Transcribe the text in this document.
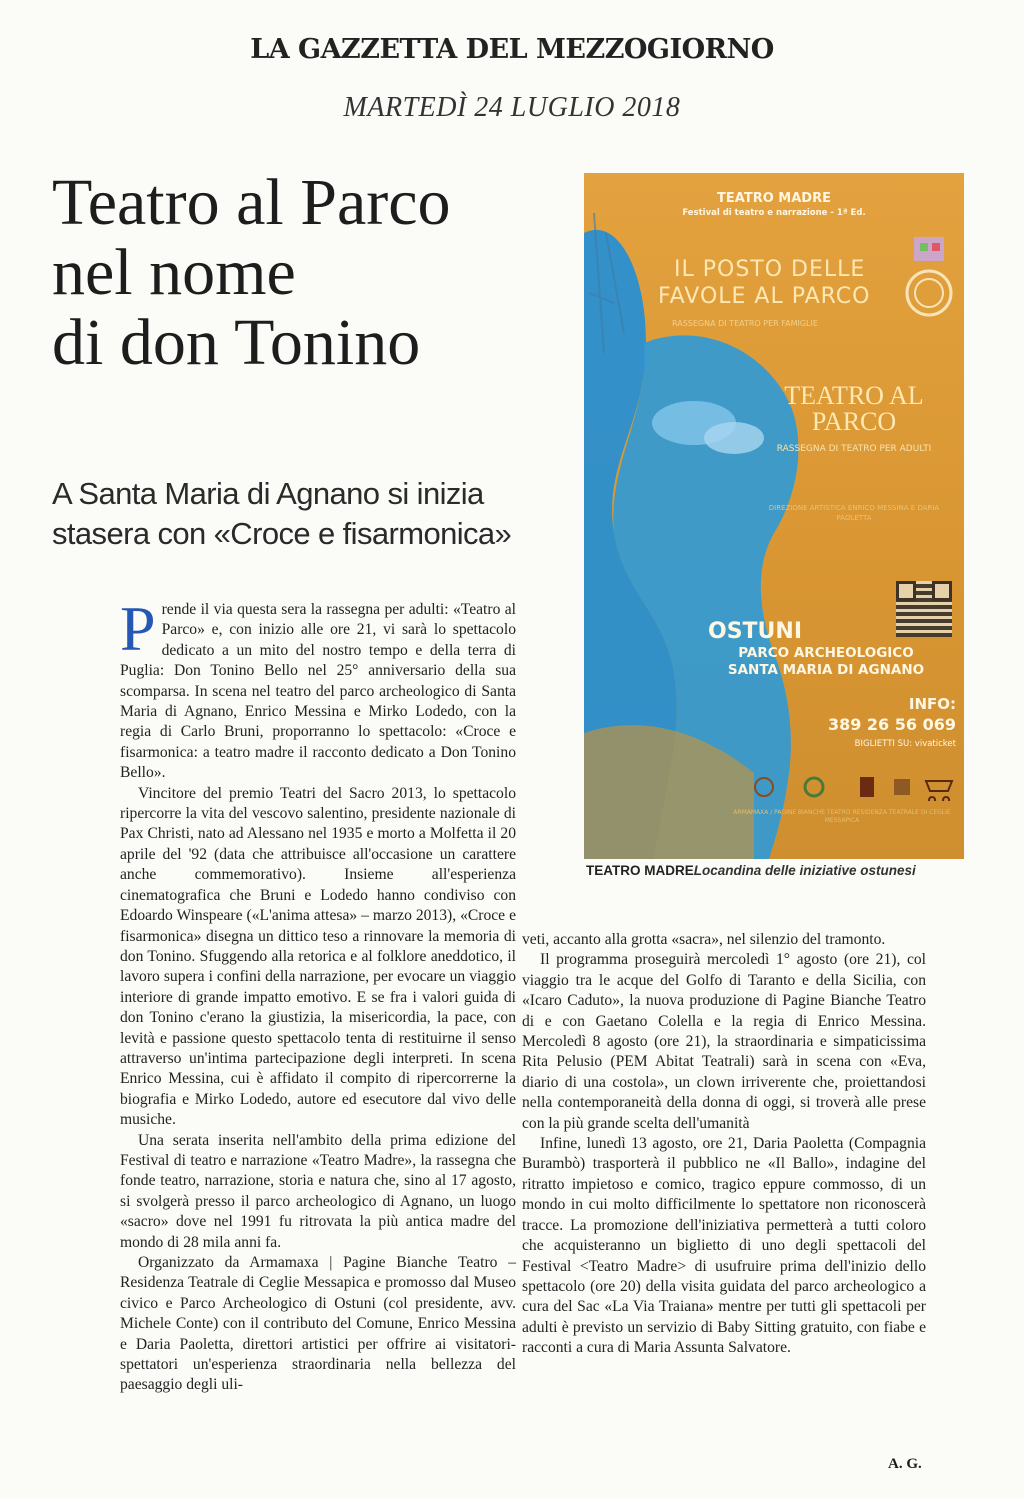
LA GAZZETTA DEL MEZZOGIORNO
MARTEDÌ 24 LUGLIO 2018
Teatro al Parco
nel nome
di don Tonino
A Santa Maria di Agnano si inizia
stasera con «Croce e fisarmonica»
TEATRO MADRE
Festival di teatro e narrazione - 1ª Ed.
IL POSTO DELLE
FAVOLE AL PARCO
RASSEGNA DI TEATRO PER FAMIGLIE
TEATRO AL
PARCO
RASSEGNA DI TEATRO PER ADULTI
DIREZIONE ARTISTICA ENRICO MESSINA E DARIA PAOLETTA
OSTUNI
PARCO ARCHEOLOGICO
SANTA MARIA DI AGNANO
INFO:
389 26 56 069
BIGLIETTI SU: vivaticket
ARMAMAXA / PAGINE BIANCHE TEATRO RESIDENZA TEATRALE DI CEGLIE MESSAPICA
TEATRO MADRELocandina delle iniziative ostunesi

Prende il via questa sera la rassegna per adulti: «Teatro al Parco» e, con inizio alle ore 21, vi sarà lo spettacolo dedicato a un mito del nostro tempo e della terra di Puglia: Don Tonino Bello nel 25° anniversario della sua scomparsa. In scena nel teatro del parco archeologico di Santa Maria di Agnano, Enrico Messina e Mirko Lodedo, con la regia di Carlo Bruni, proporranno lo spettacolo: «Croce e fisarmonica: a teatro madre il racconto dedicato a Don Tonino Bello».

Vincitore del premio Teatri del Sacro 2013, lo spettacolo ripercorre la vita del vescovo salentino, presidente nazionale di Pax Christi, nato ad Alessano nel 1935 e morto a Molfetta il 20 aprile del '92 (data che attribuisce all'occasione un carattere anche commemorativo). Insieme all'esperienza cinematografica che Bruni e Lodedo hanno condiviso con Edoardo Winspeare («L'anima attesa» – marzo 2013), «Croce e fisarmonica» disegna un dittico teso a rinnovare la memoria di don Tonino. Sfuggendo alla retorica e al folklore aneddotico, il lavoro supera i confini della narrazione, per evocare un viaggio interiore di grande impatto emotivo. E se fra i valori guida di don Tonino c'erano la giustizia, la misericordia, la pace, con levità e passione questo spettacolo tenta di restituirne il senso attraverso un'intima partecipazione degli interpreti. In scena Enrico Messina, cui è affidato il compito di ripercorrerne la biografia e Mirko Lodedo, autore ed esecutore dal vivo delle musiche.

Una serata inserita nell'ambito della prima edizione del Festival di teatro e narrazione «Teatro Madre», la rassegna che fonde teatro, narrazione, storia e natura che, sino al 17 agosto, si svolgerà presso il parco archeologico di Agnano, un luogo «sacro» dove nel 1991 fu ritrovata la più antica madre del mondo di 28 mila anni fa.

Organizzato da Armamaxa | Pagine Bianche Teatro – Residenza Teatrale di Ceglie Messapica e promosso dal Museo civico e Parco Archeologico di Ostuni (col presidente, avv. Michele Conte) con il contributo del Comune, Enrico Messina e Daria Paoletta, direttori artistici per offrire ai visitatori-spettatori un'esperienza straordinaria nella bellezza del paesaggio degli uli-

veti, accanto alla grotta «sacra», nel silenzio del tramonto.

Il programma proseguirà mercoledì 1° agosto (ore 21), col viaggio tra le acque del Golfo di Taranto e della Sicilia, con «Icaro Caduto», la nuova produzione di Pagine Bianche Teatro di e con Gaetano Colella e la regia di Enrico Messina. Mercoledì 8 agosto (ore 21), la straordinaria e simpaticissima Rita Pelusio (PEM Abitat Teatrali) sarà in scena con «Eva, diario di una costola», un clown irriverente che, proiettandosi nella contemporaneità della donna di oggi, si troverà alle prese con la più grande scelta dell'umanità

Infine, lunedì 13 agosto, ore 21, Daria Paoletta (Compagnia Burambò) trasporterà il pubblico ne «Il Ballo», indagine del ritratto impietoso e comico, tragico eppure commosso, di un mondo in cui molto difficilmente lo spettatore non riconoscerà tracce. La promozione dell'iniziativa permetterà a tutti coloro che acquisteranno un biglietto di uno degli spettacoli del Festival <Teatro Madre> di usufruire prima dell'inizio dello spettacolo (ore 20) della visita guidata del parco archeologico a cura del Sac «La Via Traiana» mentre per tutti gli spettacoli per adulti è previsto un servizio di Baby Sitting gratuito, con fiabe e racconti a cura di Maria Assunta Salvatore.

A. G.
